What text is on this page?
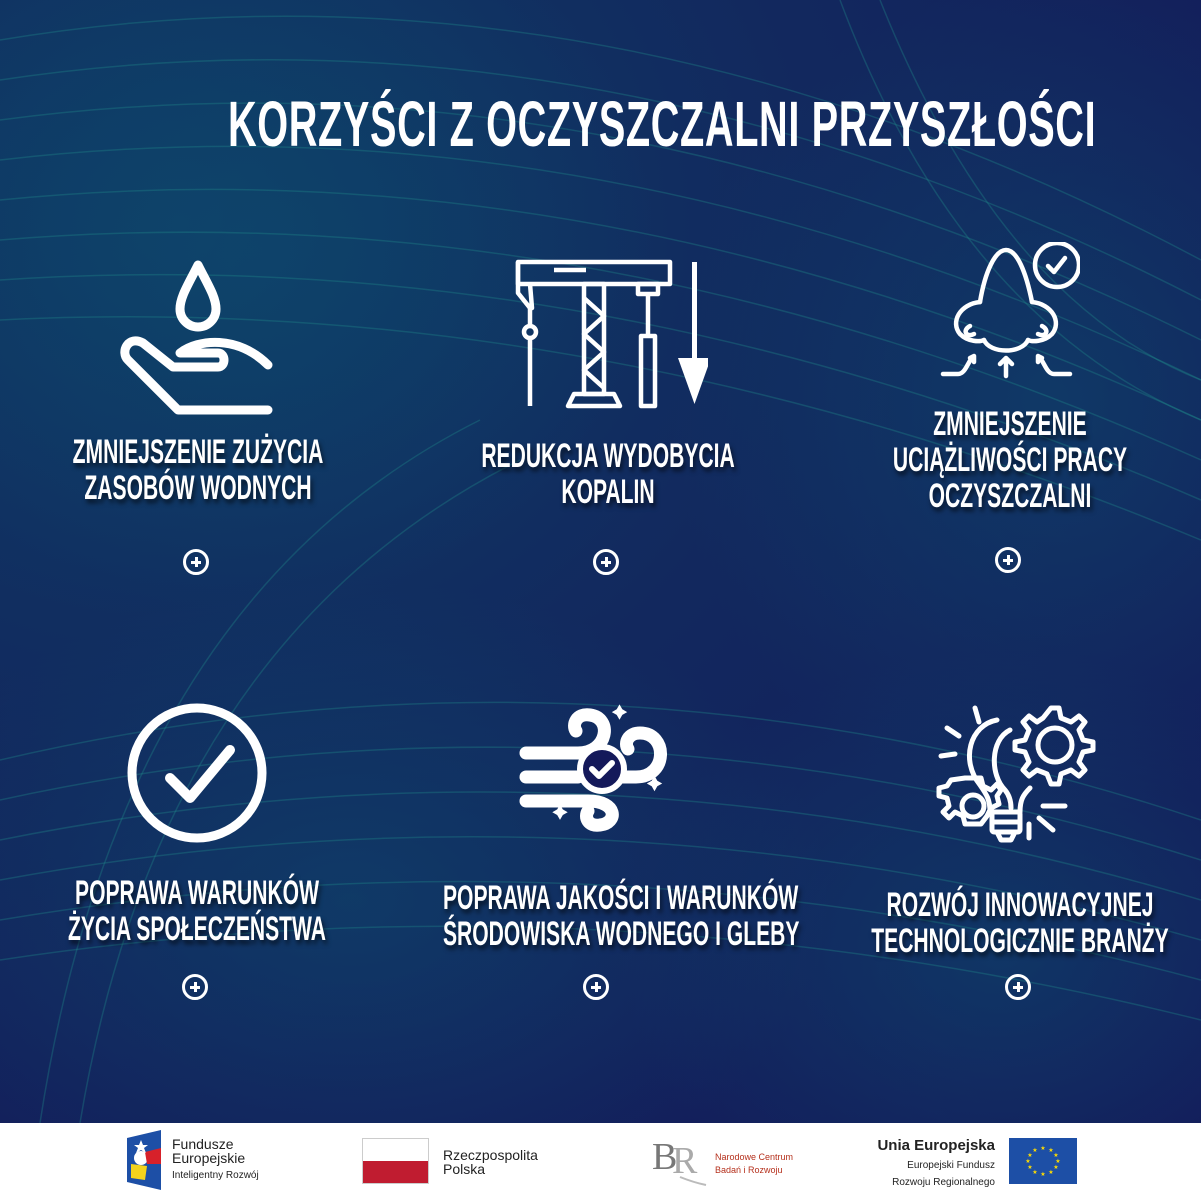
KORZYŚCI Z OCZYSZCZALNI PRZYSZŁOŚCI
ZMNIEJSZENIE ZUŻYCIA
ZASOBÓW WODNYCH
REDUKCJA WYDOBYCIA
KOPALIN
ZMNIEJSZENIE
UCIĄŻLIWOŚCI PRACY
OCZYSZCZALNI
POPRAWA WARUNKÓW
ŻYCIA SPOŁECZEŃSTWA
POPRAWA JAKOŚCI I WARUNKÓW
ŚRODOWISKA WODNEGO I GLEBY
ROZWÓJ INNOWACYJNEJ
TECHNOLOGICZNIE BRANŻY
Fundusze
Europejskie
Inteligentny Rozwój
Rzeczpospolita
Polska	B
R Narodowe Centrum
Badań i Rozwoju
Unia Europejska
Europejski Fundusz
Rozwoju Regionalnego
★ ★
★
★
★
★
★
★
★
★
★
★
